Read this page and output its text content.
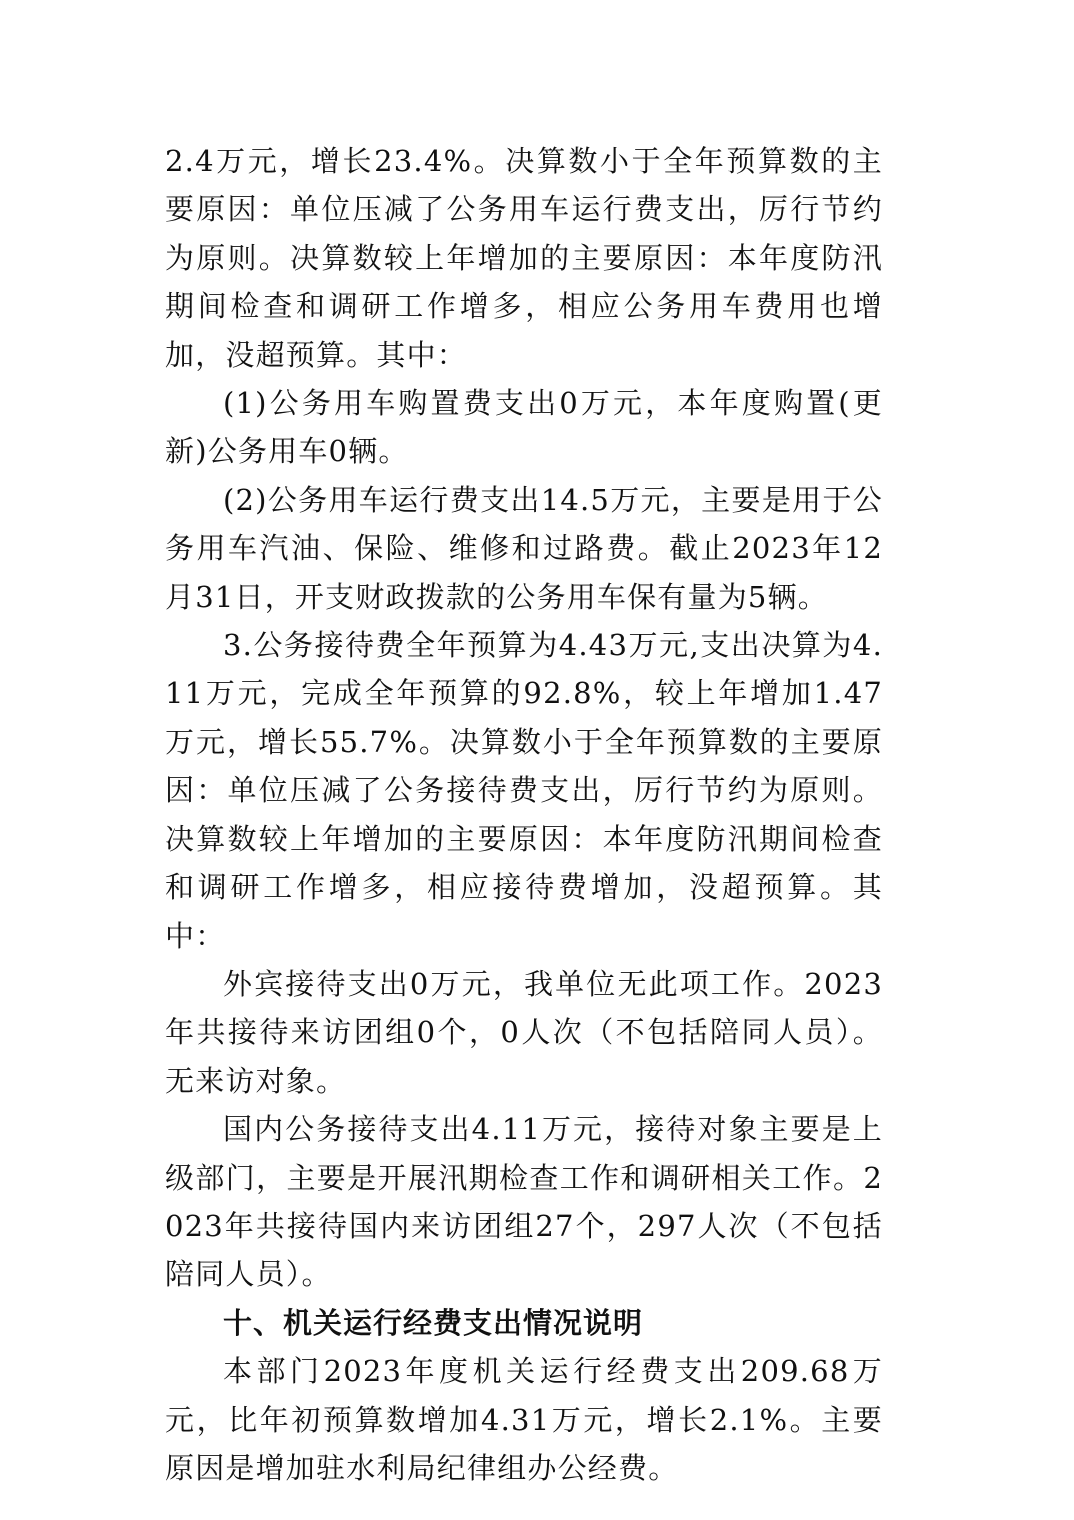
2.4万元，增长23.4%。决算数小于全年预算数的主要原因：单位压减了公务用车运行费支出，厉行节约为原则。决算数较上年增加的主要原因：本年度防汛期间检查和调研工作增多，相应公务用车费用也增加，没超预算。其中：

(1)公务用车购置费支出0万元，本年度购置(更新)公务用车0辆。

(2)公务用车运行费支出14.5万元，主要是用于公务用车汽油、保险、维修和过路费。截止2023年12月31日，开支财政拨款的公务用车保有量为5辆。

3.公务接待费全年预算为4.43万元,支出决算为4.11万元，完成全年预算的92.8%，较上年增加1.47万元，增长55.7%。决算数小于全年预算数的主要原因：单位压减了公务接待费支出，厉行节约为原则。决算数较上年增加的主要原因：本年度防汛期间检查和调研工作增多，相应接待费增加，没超预算。其中：

外宾接待支出0万元，我单位无此项工作。2023年共接待来访团组0个，0人次（不包括陪同人员）。无来访对象。

国内公务接待支出4.11万元，接待对象主要是上级部门，主要是开展汛期检查工作和调研相关工作。2023年共接待国内来访团组27个，297人次（不包括陪同人员）。

十、机关运行经费支出情况说明

本部门2023年度机关运行经费支出209.68万元，比年初预算数增加4.31万元，增长2.1%。主要原因是增加驻水利局纪律组办公经费。
